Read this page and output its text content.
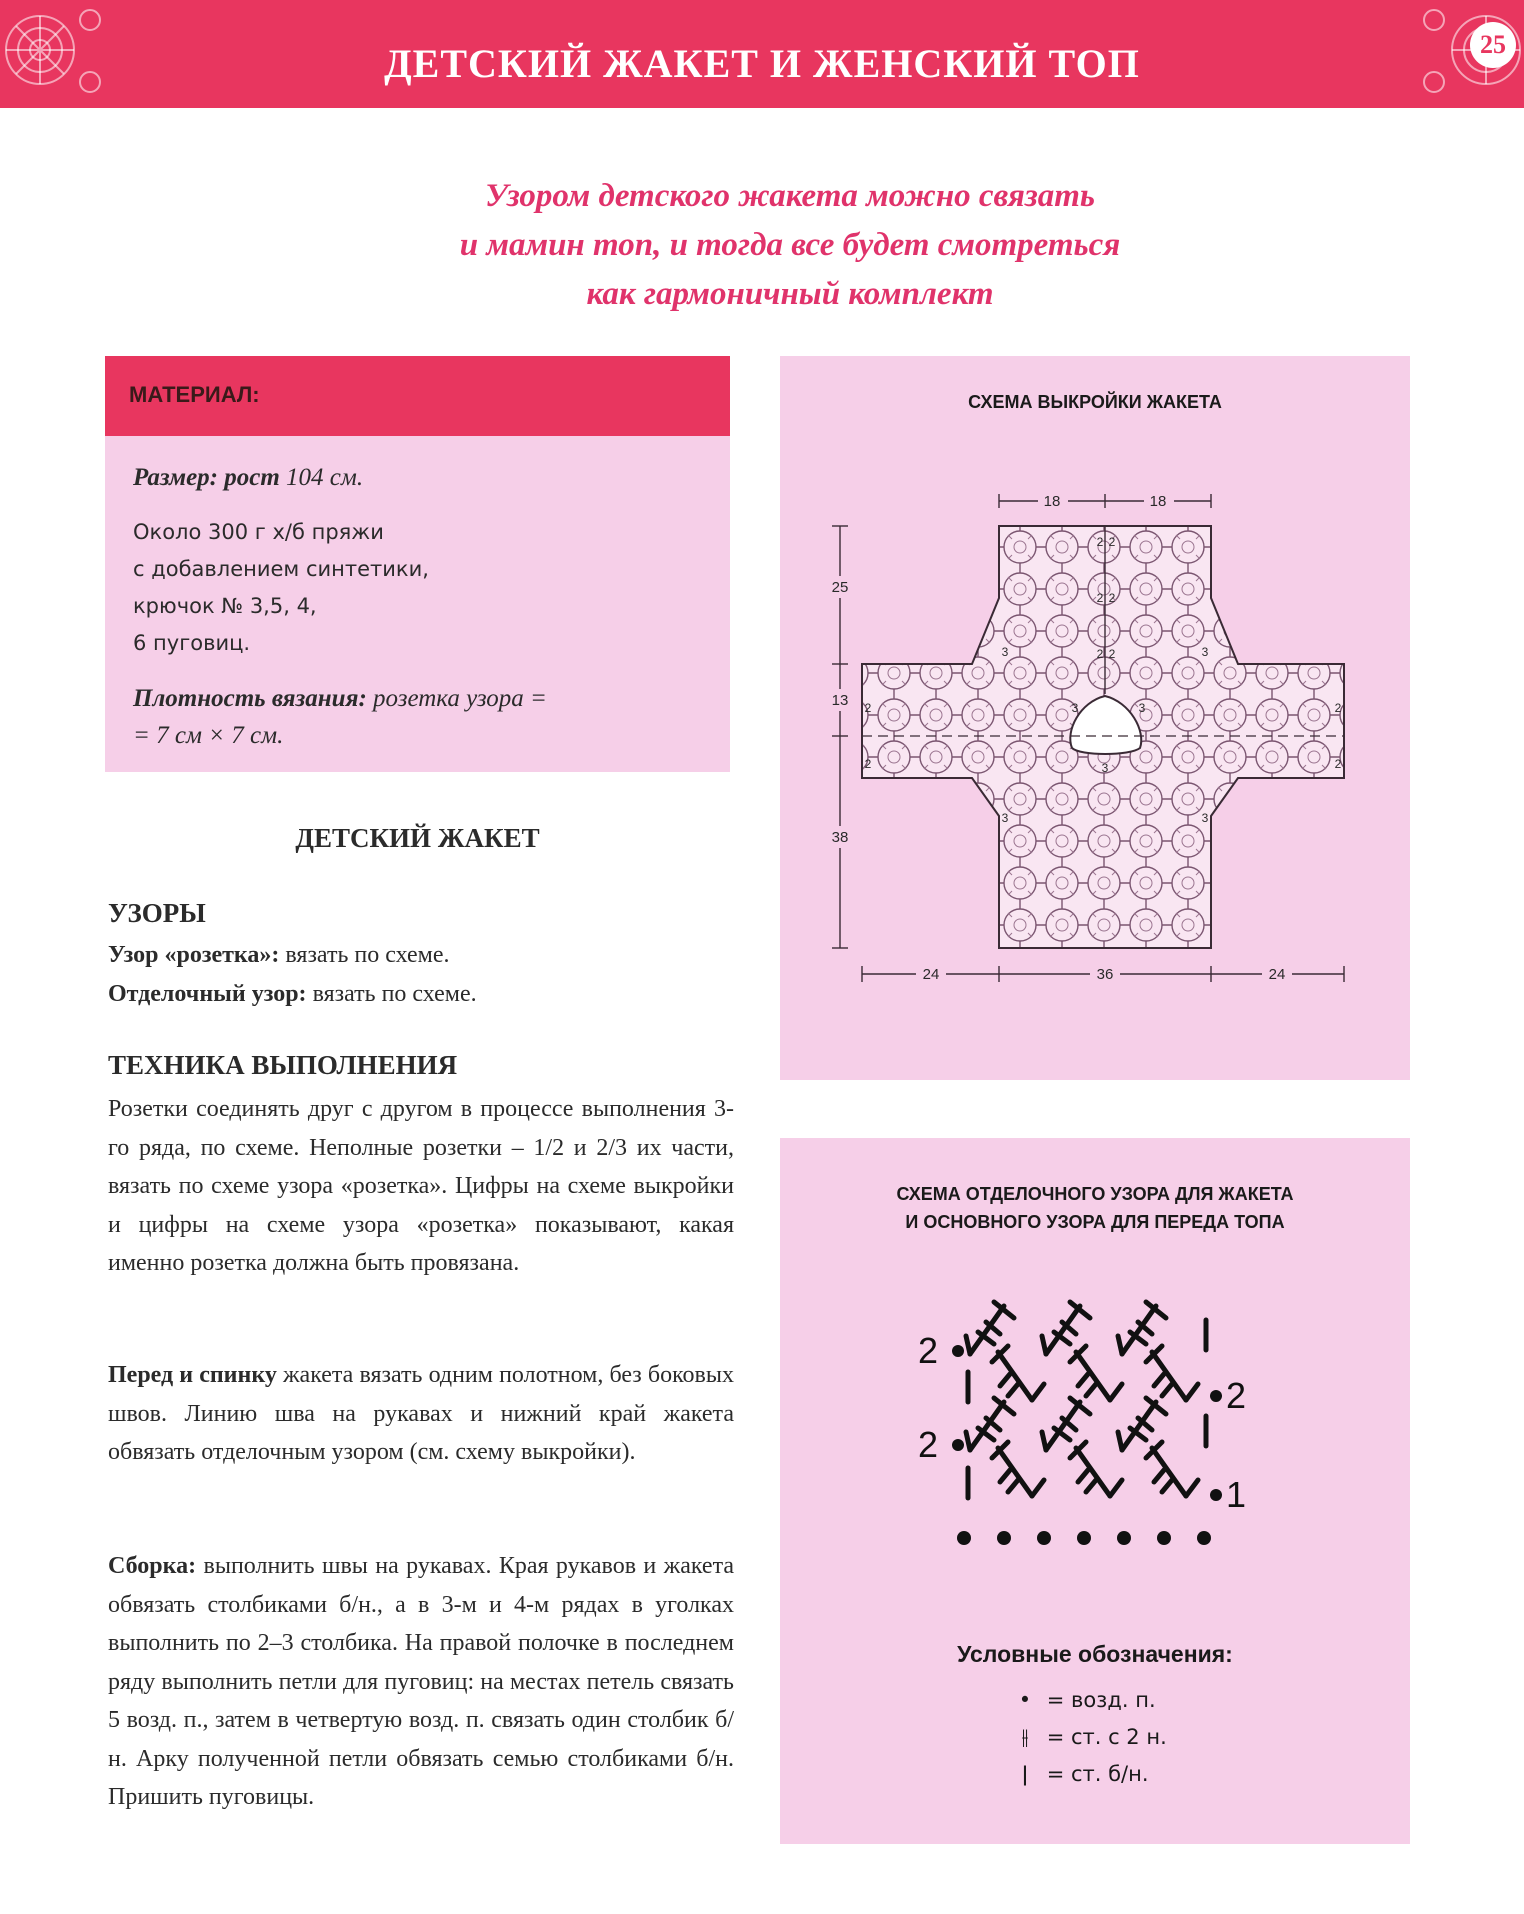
ДЕТСКИЙ ЖАКЕТ И ЖЕНСКИЙ ТОП	25
Узором детского жакета можно связать
и мамин топ, и тогда все будет смотреться
как гармоничный комплект
МАТЕРИАЛ:
Размер: рост 104 см.
Около 300 г х/б пряжи
с добавлением синтетики,
крючок № 3,5, 4,
6 пуговиц.
Плотность вязания: розетка узора =
= 7 см × 7 см.
ДЕТСКИЙ ЖАКЕТ
УЗОРЫ
Узор «розетка»: вязать по схеме.
Отделочный узор: вязать по схеме.
ТЕХНИКА ВЫПОЛНЕНИЯ
Розетки соединять друг с другом в процессе выполнения 3-го ряда, по схеме. Неполные розетки – 1/2 и 2/3 их части, вязать по схеме узора «розетка». Цифры на схеме выкройки и цифры на схеме узора «розетка» показывают, какая именно розетка должна быть провязана.
Перед и спинку жакета вязать одним полотном, без боковых швов. Линию шва на рукавах и нижний край жакета обвязать отделочным узором (см. схему выкройки).
Сборка: выполнить швы на рукавах. Края рукавов и жакета обвязать столбиками б/н., а в 3-м и 4-м рядах в уголках выполнить по 2–3 столбика. На правой полочке в последнем ряду выполнить петли для пуговиц: на местах петель связать 5 возд. п., затем в четвертую возд. п. связать один столбик б/н. Арку полученной петли обвязать семью столбиками б/н. Пришить пуговицы.
СХЕМА ВЫКРОЙКИ ЖАКЕТА
18	18
25
13
38
24	36	24
2 2
2 2
2 2
3	3
2	2
2	2
3	3
3
3	3
СХЕМА ОТДЕЛОЧНОГО УЗОРА ДЛЯ ЖАКЕТА
И ОСНОВНОГО УЗОРА ДЛЯ ПЕРЕДА ТОПА
2
2
2
1
Условные обозначения:
• = возд. п.
⫲ = ст. с 2 н.
ǀ = ст. б/н.
